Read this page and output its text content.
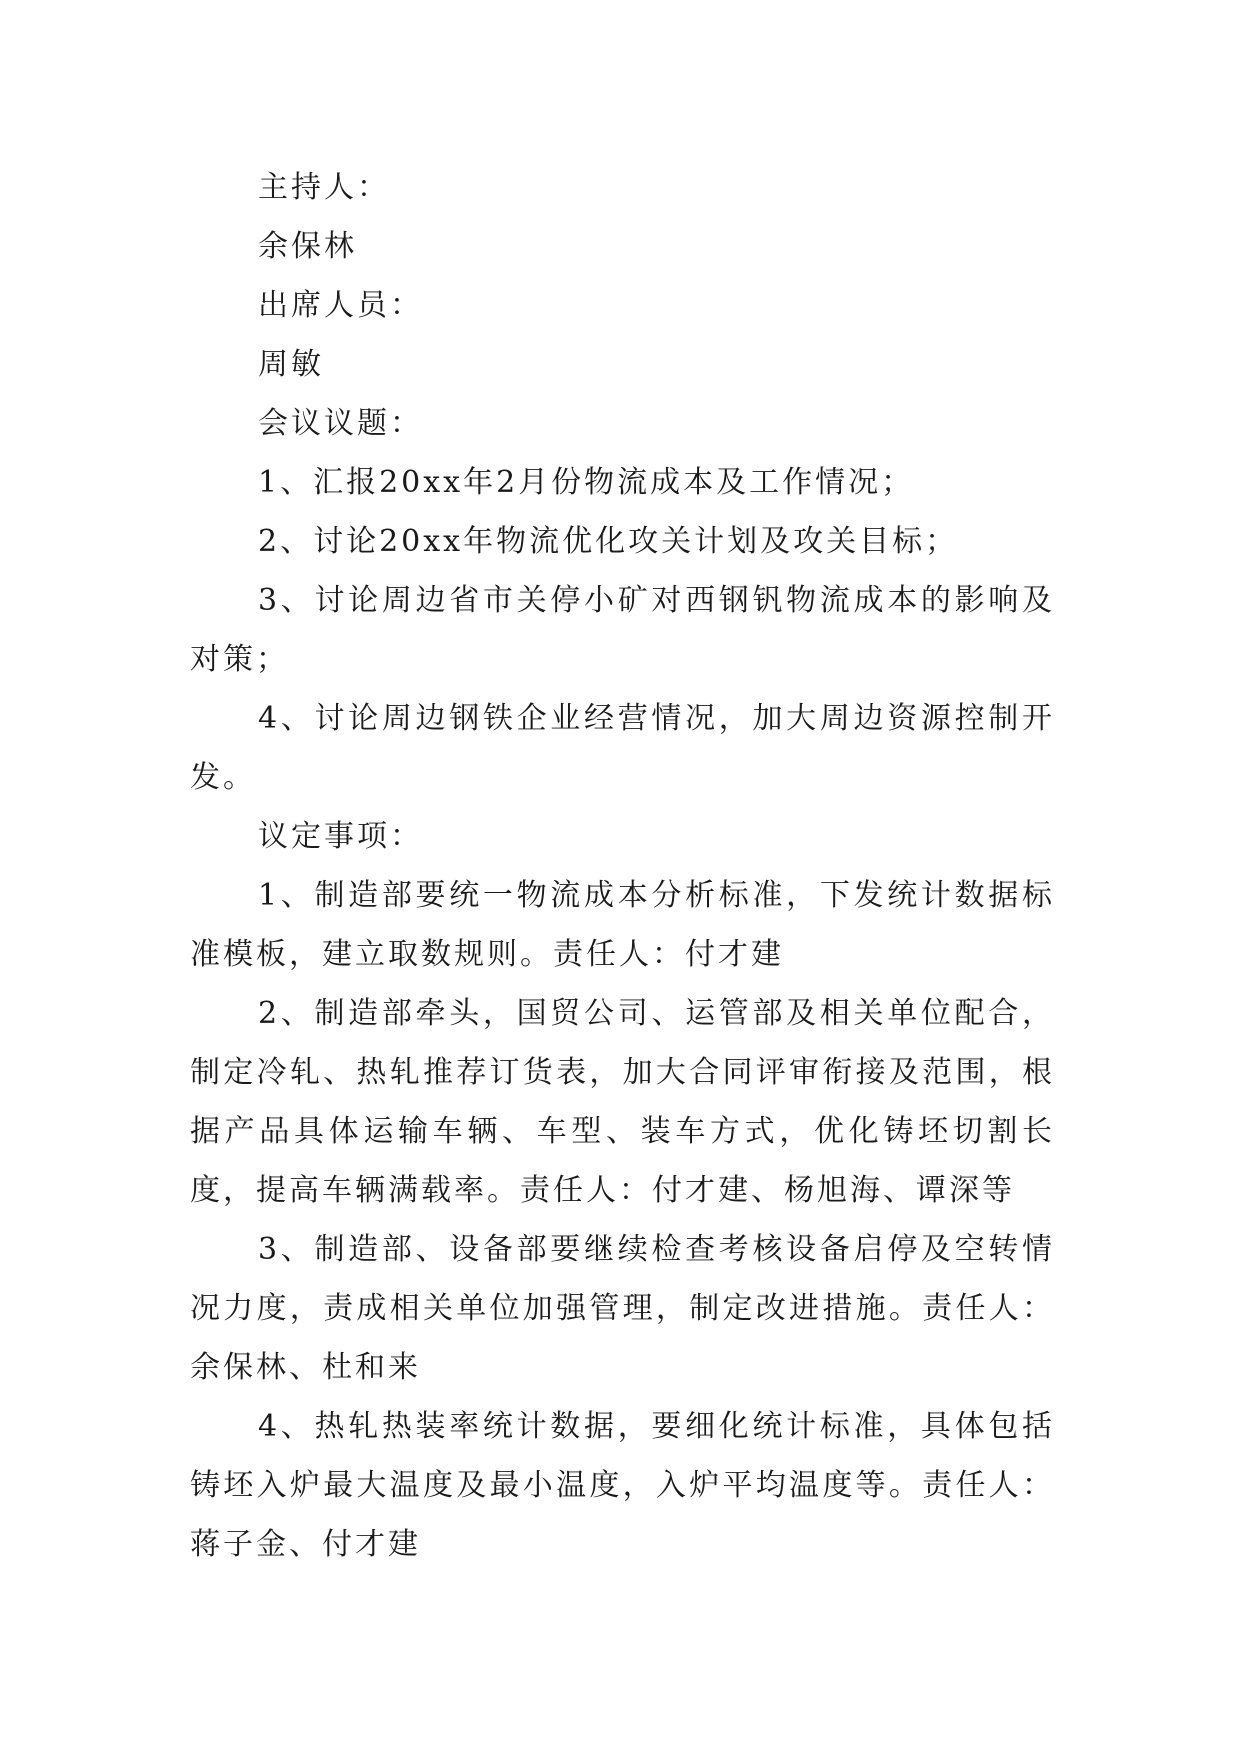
主持人：

余保林

出席人员：

周敏

会议议题：

1、汇报20xx年2月份物流成本及工作情况；

2、讨论20xx年物流优化攻关计划及攻关目标；

3、讨论周边省市关停小矿对西钢钒物流成本的影响及对策；

4、讨论周边钢铁企业经营情况，加大周边资源控制开发。

议定事项：

1、制造部要统一物流成本分析标准，下发统计数据标准模板，建立取数规则。责任人：付才建

2、制造部牵头，国贸公司、运管部及相关单位配合，制定冷轧、热轧推荐订货表，加大合同评审衔接及范围，根据产品具体运输车辆、车型、装车方式，优化铸坯切割长度，提高车辆满载率。责任人：付才建、杨旭海、谭深等

3、制造部、设备部要继续检查考核设备启停及空转情况力度，责成相关单位加强管理，制定改进措施。责任人：余保林、杜和来

4、热轧热装率统计数据，要细化统计标准，具体包括铸坯入炉最大温度及最小温度，入炉平均温度等。责任人：蒋子金、付才建
